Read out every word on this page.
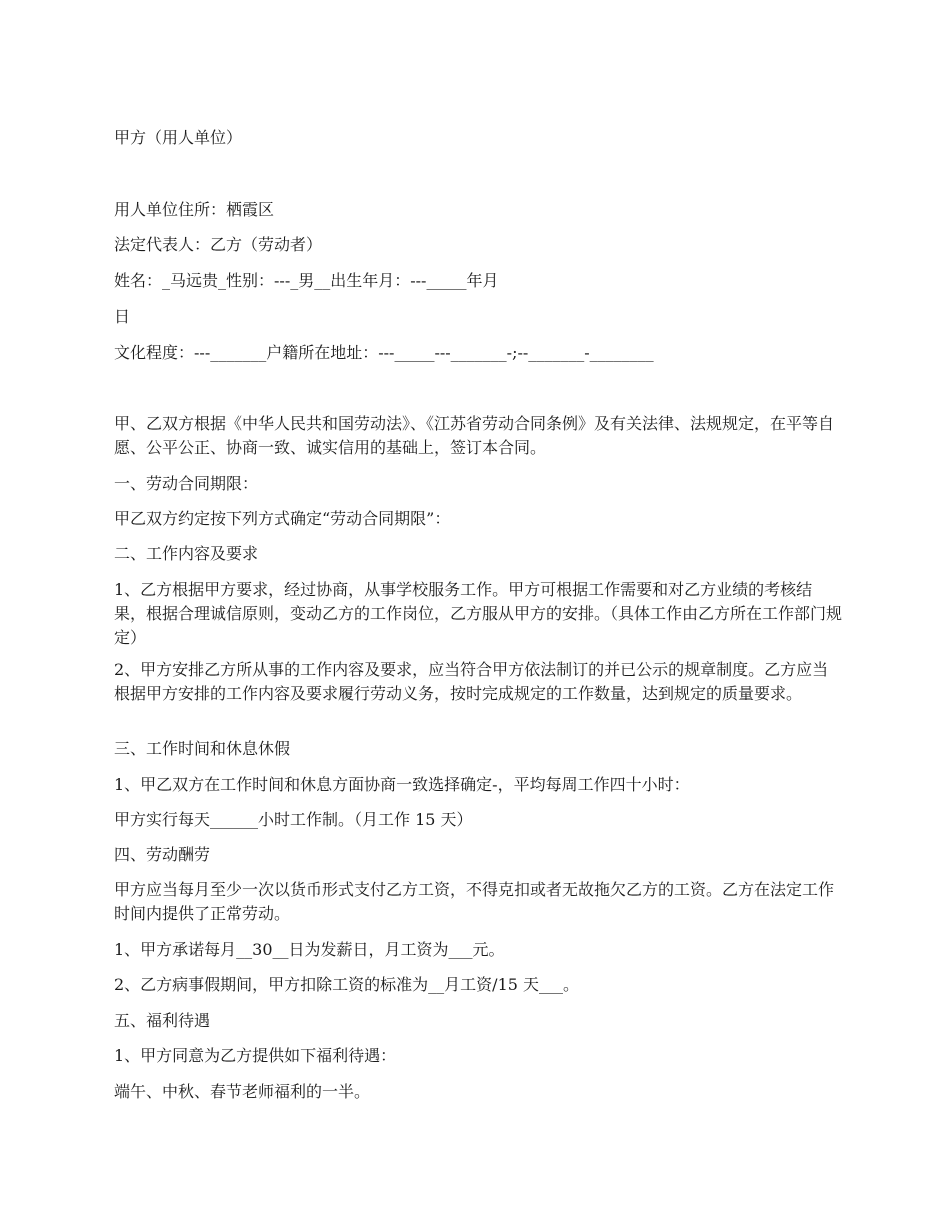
甲方（用人单位）
用人单位住所：栖霞区
法定代表人：乙方（劳动者）
姓名：_马远贵_性别：---_男__出生年月：---_____年月
日
文化程度：---_______户籍所在地址：---_____---_______-;--_______-________
甲、乙双方根据《中华人民共和国劳动法》、《江苏省劳动合同条例》及有关法律、法规规定，在平等自愿、公平公正、协商一致、诚实信用的基础上，签订本合同。
一、劳动合同期限：
甲乙双方约定按下列方式确定“劳动合同期限”：
二、工作内容及要求
1、乙方根据甲方要求，经过协商，从事学校服务工作。甲方可根据工作需要和对乙方业绩的考核结果，根据合理诚信原则，变动乙方的工作岗位，乙方服从甲方的安排。（具体工作由乙方所在工作部门规定）
2、甲方安排乙方所从事的工作内容及要求，应当符合甲方依法制订的并已公示的规章制度。乙方应当根据甲方安排的工作内容及要求履行劳动义务，按时完成规定的工作数量，达到规定的质量要求。
三、工作时间和休息休假
1、甲乙双方在工作时间和休息方面协商一致选择确定-，平均每周工作四十小时：
甲方实行每天______小时工作制。（月工作 15 天）
四、劳动酬劳
甲方应当每月至少一次以货币形式支付乙方工资，不得克扣或者无故拖欠乙方的工资。乙方在法定工作时间内提供了正常劳动。
1、甲方承诺每月__30__日为发薪日，月工资为___元。
2、乙方病事假期间，甲方扣除工资的标准为__月工资/15 天___。
五、福利待遇
1、甲方同意为乙方提供如下福利待遇：
端午、中秋、春节老师福利的一半。
